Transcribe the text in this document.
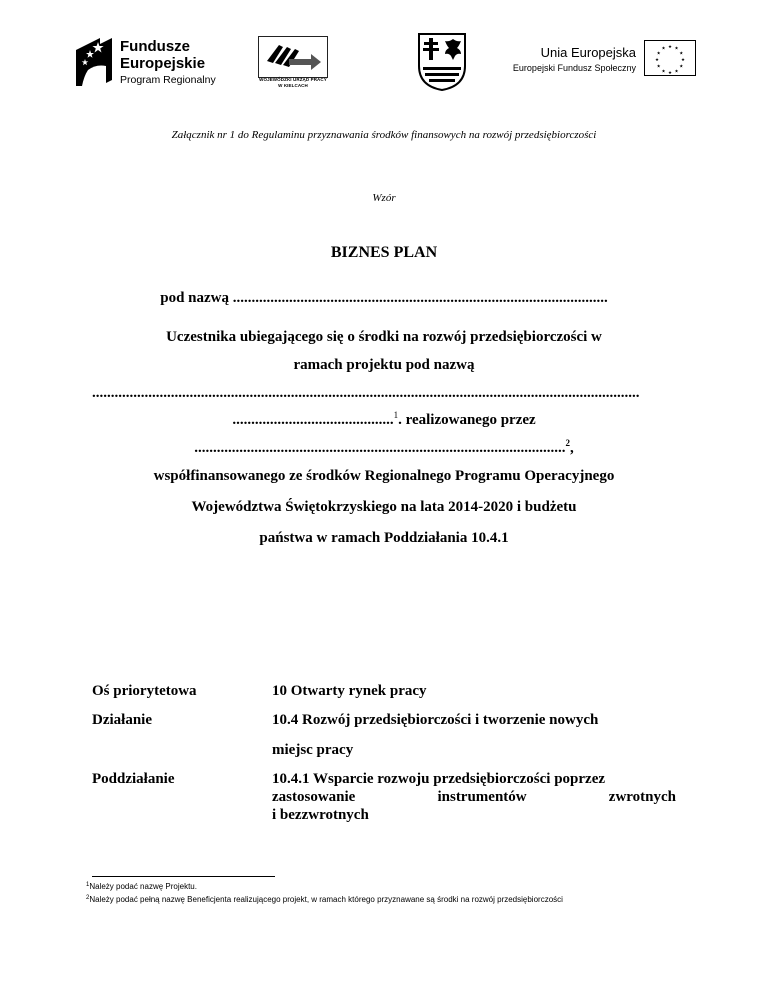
Fundusze
Europejskie
Program Regionalny	WOJEWÓDZKI URZĄD PRACY
W KIELCACH
Unia Europejska
Europejski Fundusz Społeczny
★ ★
★
★
★
★
★
★
★
★
★
★
Załącznik nr 1 do Regulaminu przyznawania środków finansowych na rozwój przedsiębiorczości
Wzór
BIZNES PLAN
pod nazwą ....................................................................................................
Uczestnika ubiegającego się o środki na rozwój przedsiębiorczości w
ramach projektu pod nazwą
..................................................................................................................................................
...........................................$^1$. realizowanego przez
...................................................................................................$^2$,
współfinansowanego ze środków Regionalnego Programu Operacyjnego
Województwa Świętokrzyskiego na lata 2014-2020 i budżetu
państwa w ramach Poddziałania 10.4.1
Oś priorytetowa	10 Otwarty rynek pracy
Działanie	10.4 Rozwój przedsiębiorczości i tworzenie nowych
miejsc pracy
Poddziałanie	10.4.1 Wsparcie rozwoju przedsiębiorczości poprzez
zastosowanie	instrumentów	zwrotnych
i bezzwrotnych
$^1$Należy podać nazwę Projektu.
$^2$Należy podać pełną nazwę Beneficjenta realizującego projekt, w ramach którego przyznawane są środki na rozwój przedsiębiorczości
